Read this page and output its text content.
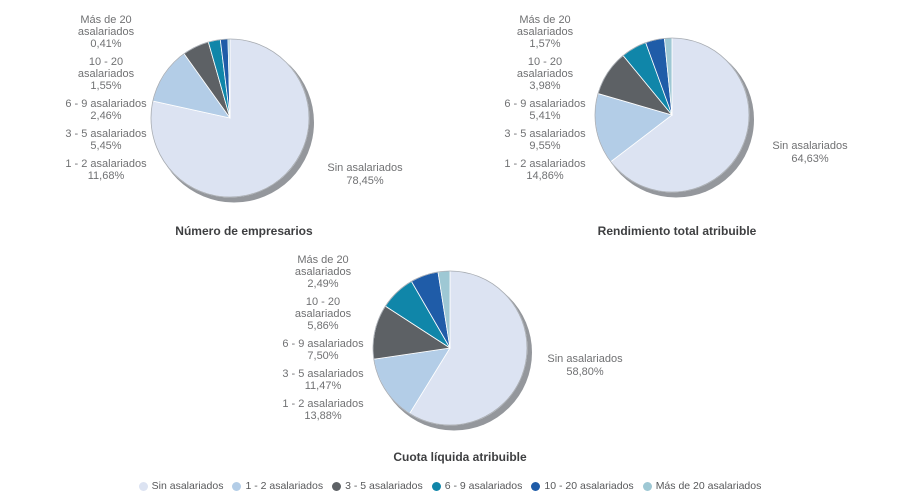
Más de 20 asalariados
0,41%
10 - 20 asalariados
1,55%
6 - 9 asalariados
2,46%
3 - 5 asalariados
5,45%
1 - 2 asalariados
11,68%
Sin asalariados
78,45%
Número de empresarios
Más de 20 asalariados
1,57%
10 - 20 asalariados
3,98%
6 - 9 asalariados
5,41%
3 - 5 asalariados
9,55%
1 - 2 asalariados
14,86%
Sin asalariados
64,63%
Rendimiento total atribuible
Más de 20 asalariados
2,49%
10 - 20 asalariados
5,86%
6 - 9 asalariados
7,50%
3 - 5 asalariados
11,47%
1 - 2 asalariados
13,88%
Sin asalariados
58,80%
Cuota líquida atribuible
Sin asalariados 1 - 2 asalariados 3 - 5 asalariados 6 - 9 asalariados 10 - 20 asalariados Más de 20 asalariados
